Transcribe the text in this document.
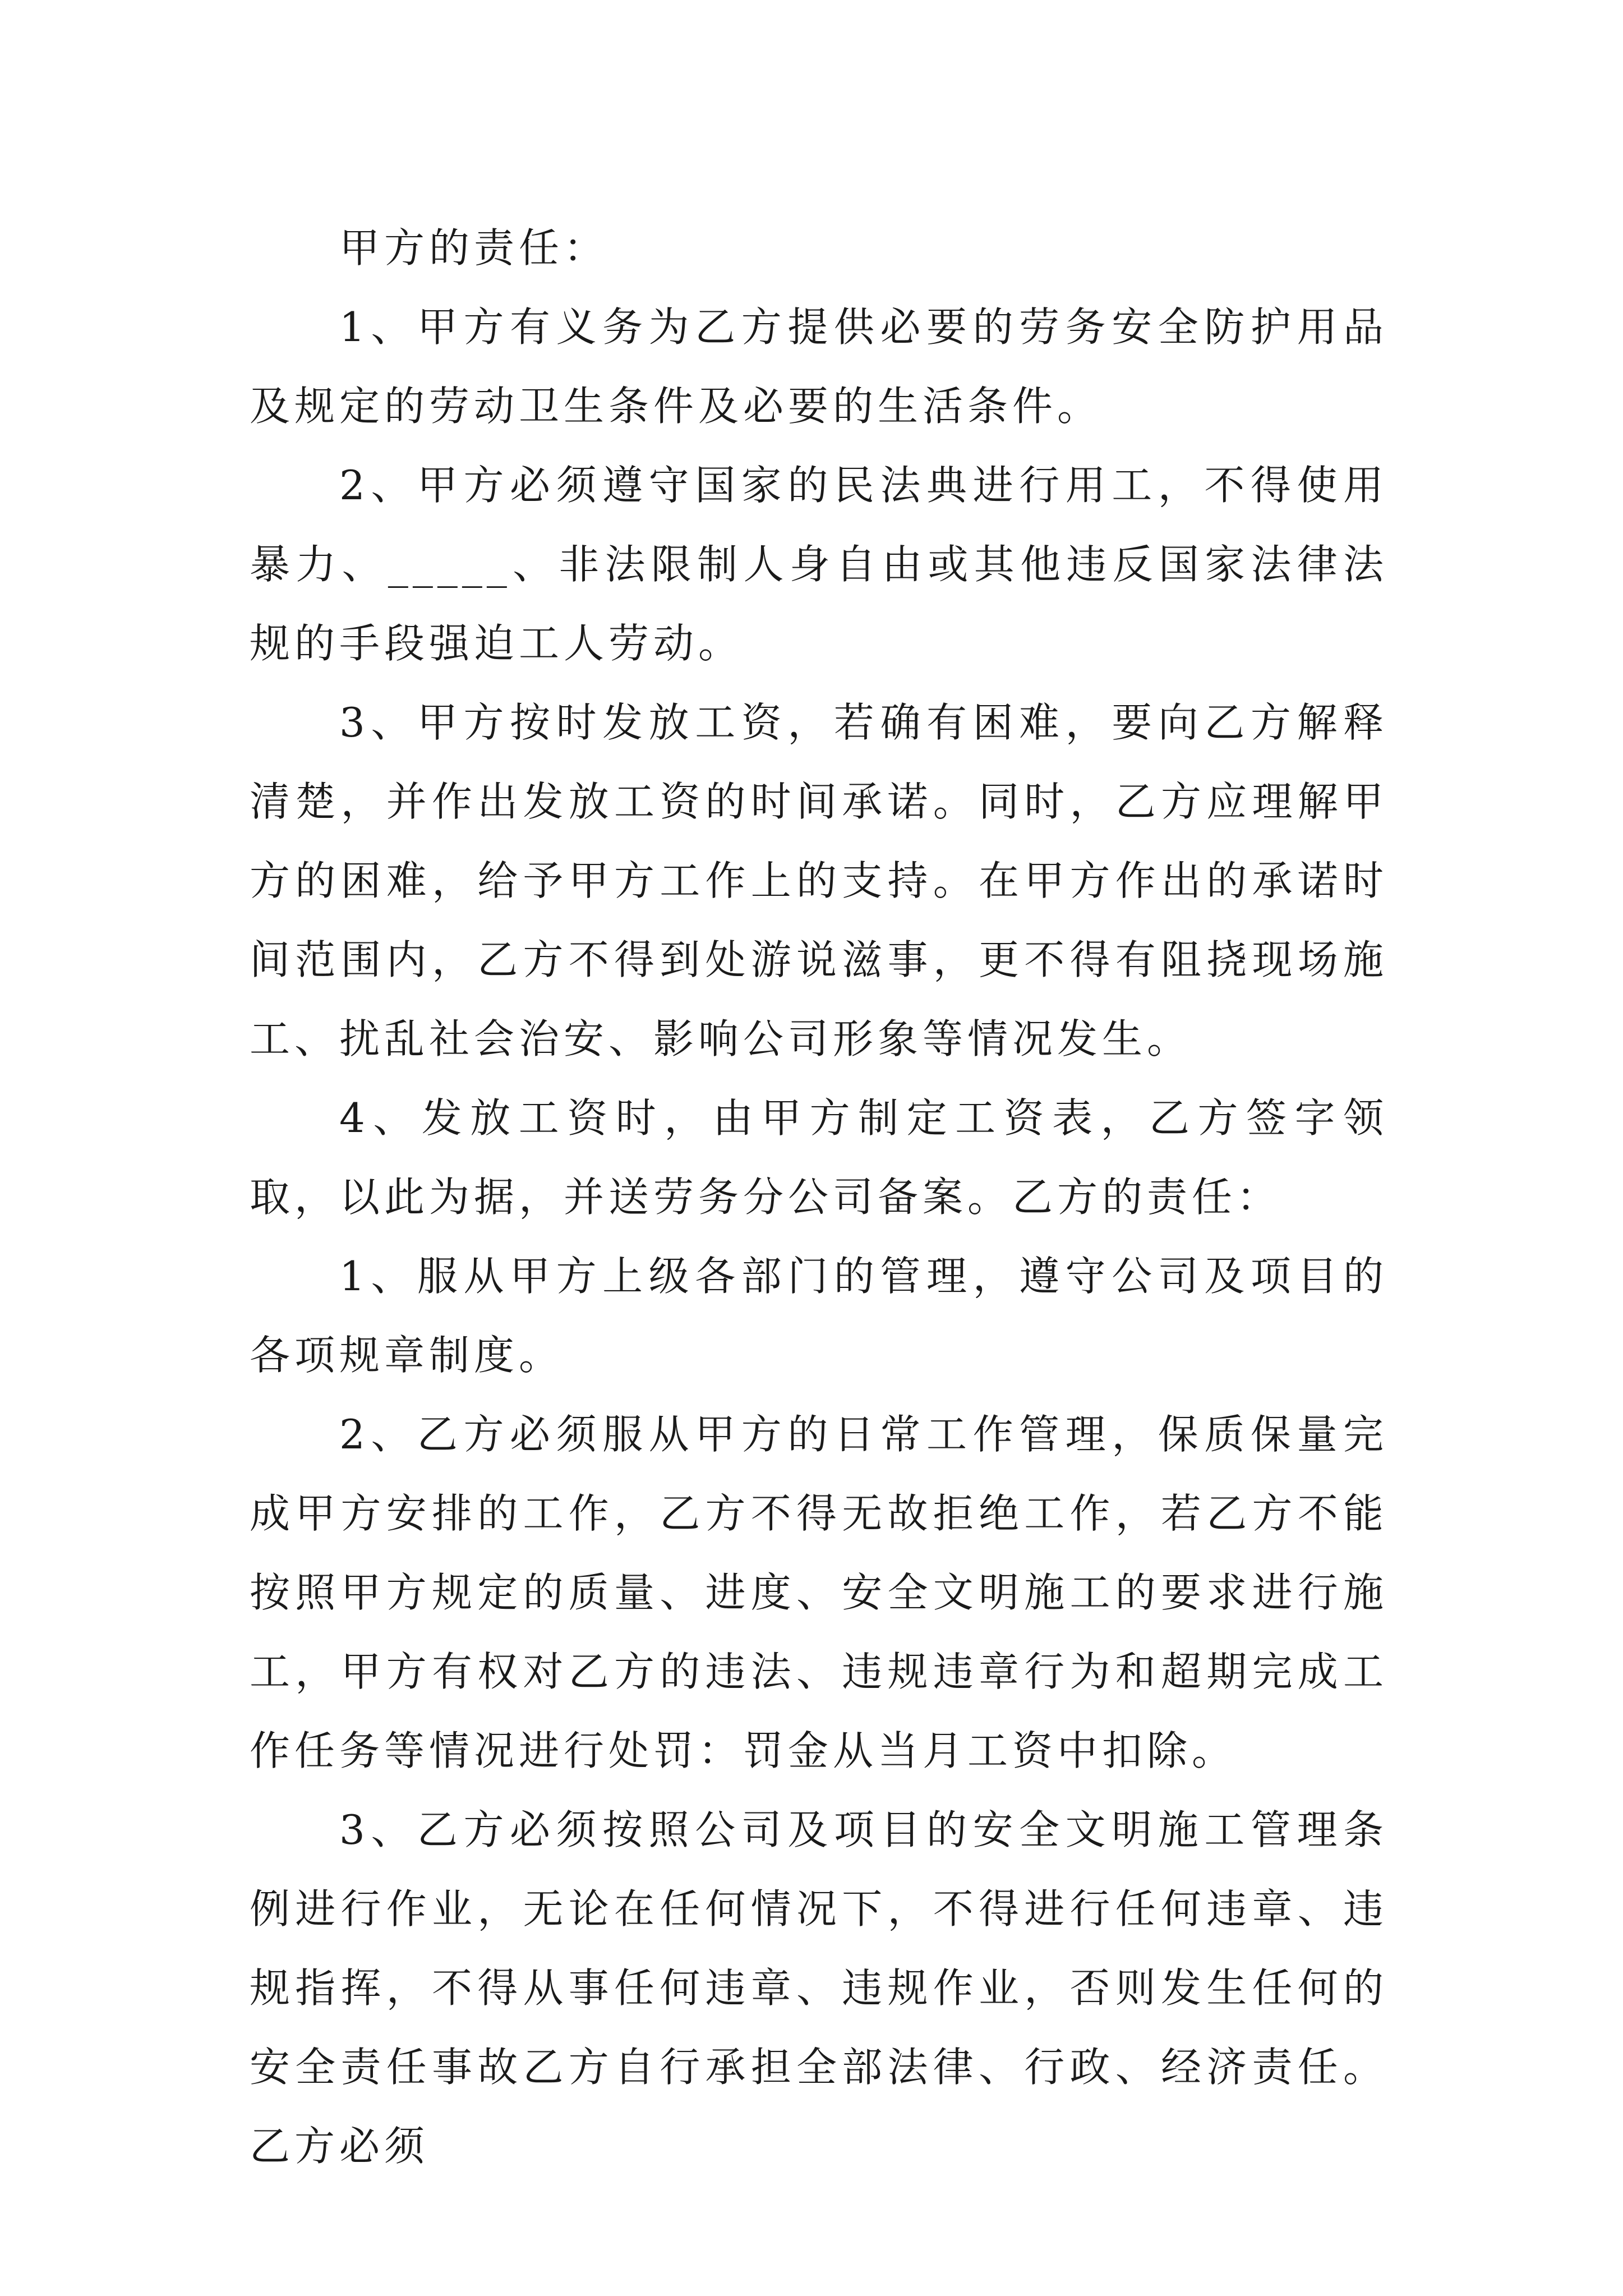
甲方的责任：

1、甲方有义务为乙方提供必要的劳务安全防护用品及规定的劳动卫生条件及必要的生活条件。

2、甲方必须遵守国家的民法典进行用工，不得使用暴力、_____、非法限制人身自由或其他违反国家法律法规的手段强迫工人劳动。

3、甲方按时发放工资，若确有困难，要向乙方解释清楚，并作出发放工资的时间承诺。同时，乙方应理解甲方的困难，给予甲方工作上的支持。在甲方作出的承诺时间范围内，乙方不得到处游说滋事，更不得有阻挠现场施工、扰乱社会治安、影响公司形象等情况发生。

4、发放工资时，由甲方制定工资表，乙方签字领取，以此为据，并送劳务分公司备案。乙方的责任：

1、服从甲方上级各部门的管理，遵守公司及项目的各项规章制度。

2、乙方必须服从甲方的日常工作管理，保质保量完成甲方安排的工作，乙方不得无故拒绝工作，若乙方不能按照甲方规定的质量、进度、安全文明施工的要求进行施工，甲方有权对乙方的违法、违规违章行为和超期完成工作任务等情况进行处罚：罚金从当月工资中扣除。

3、乙方必须按照公司及项目的安全文明施工管理条例进行作业，无论在任何情况下，不得进行任何违章、违规指挥，不得从事任何违章、违规作业，否则发生任何的安全责任事故乙方自行承担全部法律、行政、经济责任。乙方必须
